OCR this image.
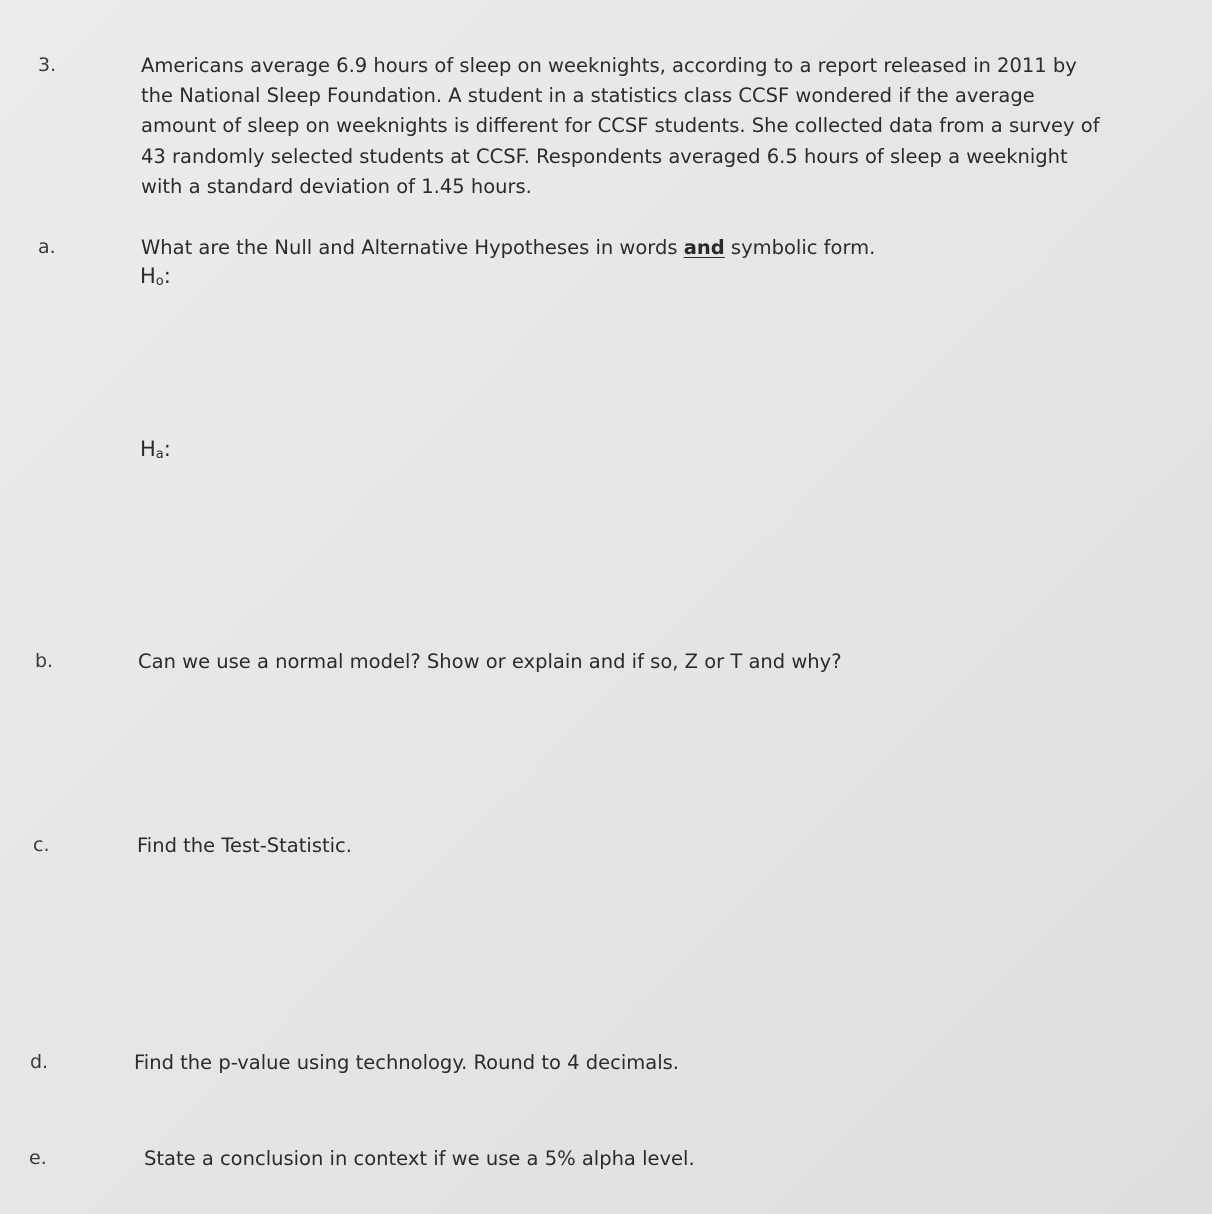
3.	Americans average 6.9 hours of sleep on weeknights, according to a report released in 2011 by
the National Sleep Foundation. A student in a statistics class CCSF wondered if the average
amount of sleep on weeknights is different for CCSF students. She collected data from a survey of
43 randomly selected students at CCSF. Respondents averaged 6.5 hours of sleep a weeknight
with a standard deviation of 1.45 hours.

a.	What are the Null and Alternative Hypotheses in words and symbolic form.
$H_o$:
$H_a$:
b.	Can we use a normal model? Show or explain and if so, Z or T and why?
c.	Find the Test-Statistic.
d.	Find the p-value using technology. Round to 4 decimals.
e.	State a conclusion in context if we use a 5% alpha level.
